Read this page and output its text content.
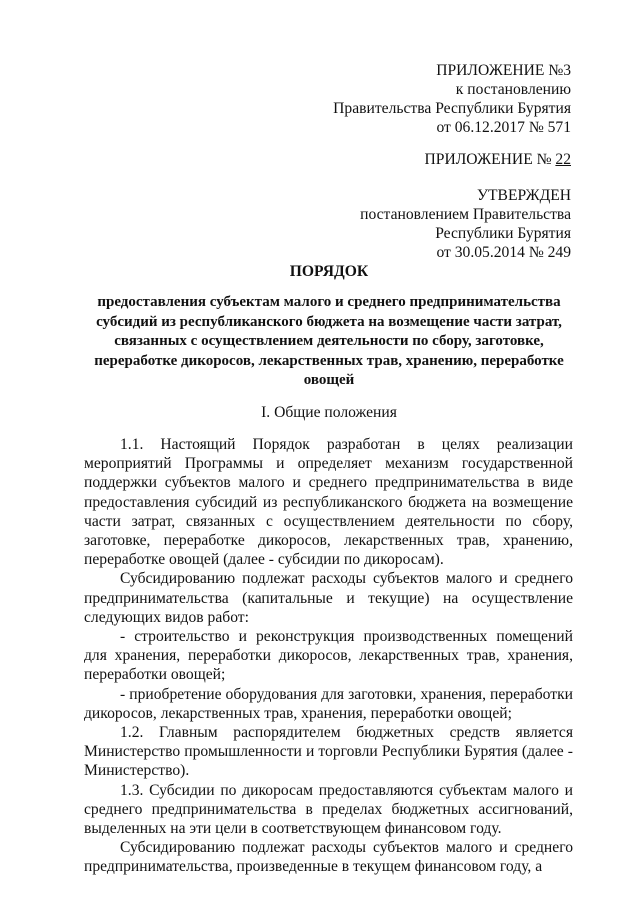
ПРИЛОЖЕНИЕ №3
к постановлению
Правительства Республики Бурятия
от 06.12.2017 № 571
ПРИЛОЖЕНИЕ № 22
УТВЕРЖДЕН
постановлением Правительства
Республики Бурятия
от 30.05.2014 № 249
ПОРЯДОК
предоставления субъектам малого и среднего предпринимательства субсидий из республиканского бюджета на возмещение части затрат, связанных с осуществлением деятельности по сбору, заготовке, переработке дикоросов, лекарственных трав, хранению, переработке овощей
I. Общие положения

1.1. Настоящий Порядок разработан в целях реализации мероприятий Программы и определяет механизм государственной поддержки субъектов малого и среднего предпринимательства в виде предоставления субсидий из республиканского бюджета на возмещение части затрат, связанных с осуществлением деятельности по сбору, заготовке, переработке дикоросов, лекарственных трав, хранению, переработке овощей (далее - субсидии по дикоросам).

Субсидированию подлежат расходы субъектов малого и среднего предпринимательства (капитальные и текущие) на осуществление следующих видов работ:

- строительство и реконструкция производственных помещений для хранения, переработки дикоросов, лекарственных трав, хранения, переработки овощей;

- приобретение оборудования для заготовки, хранения, переработки дикоросов, лекарственных трав, хранения, переработки овощей;

1.2. Главным распорядителем бюджетных средств является Министерство промышленности и торговли Республики Бурятия (далее - Министерство).

1.3. Субсидии по дикоросам предоставляются субъектам малого и среднего предпринимательства в пределах бюджетных ассигнований, выделенных на эти цели в соответствующем финансовом году.

Субсидированию подлежат расходы субъектов малого и среднего предпринимательства, произведенные в текущем финансовом году, а
